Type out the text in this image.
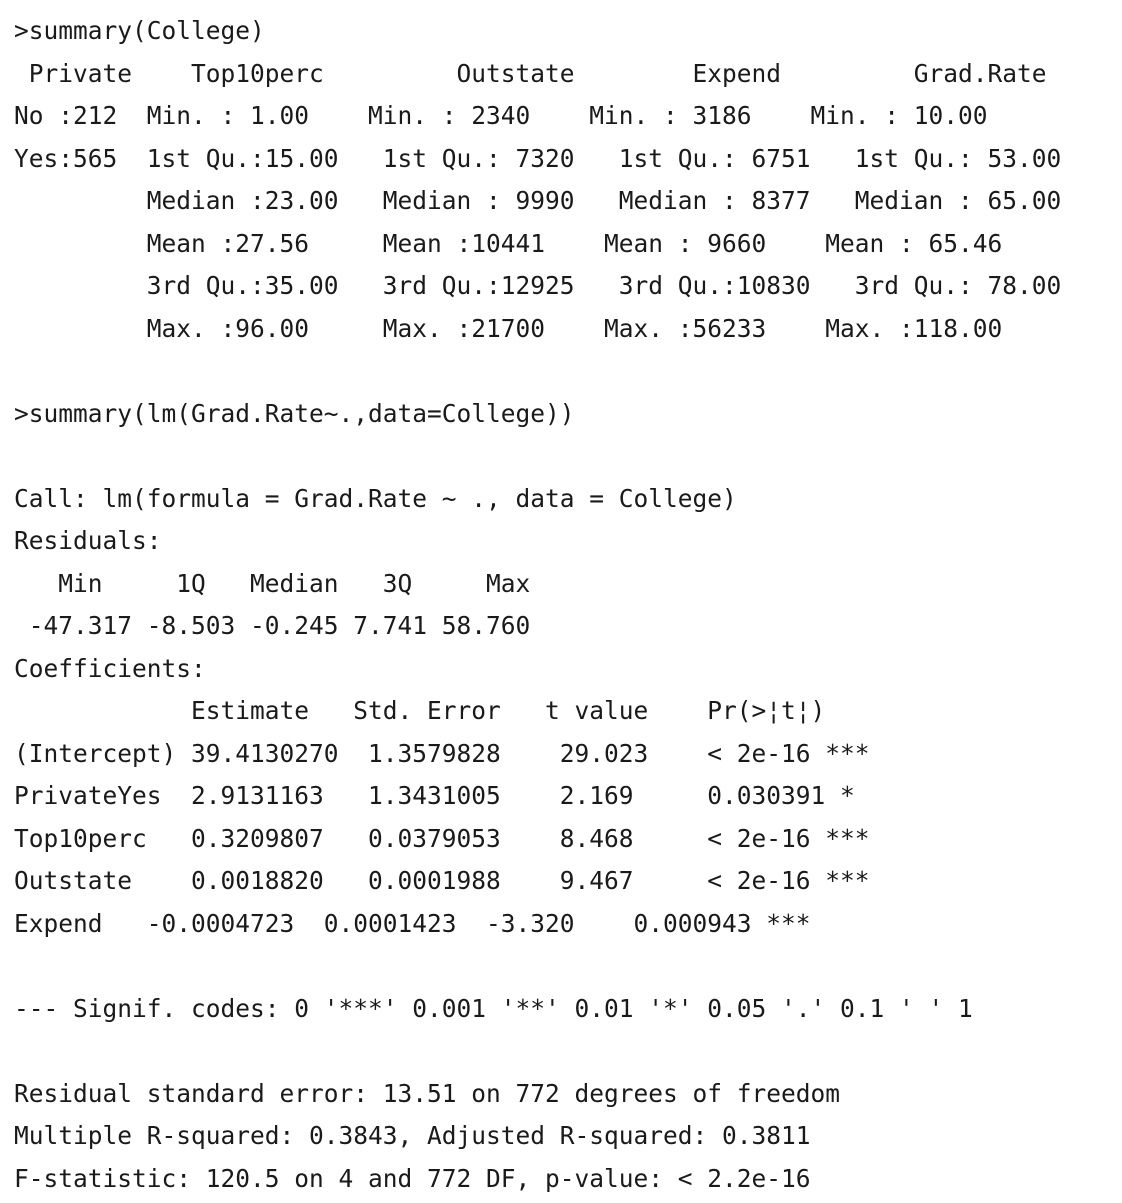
>summary(College)
Private    Top10perc         Outstate        Expend         Grad.Rate
No :212  Min. : 1.00    Min. : 2340    Min. : 3186    Min. : 10.00
Yes:565  1st Qu.:15.00   1st Qu.: 7320   1st Qu.: 6751   1st Qu.: 53.00
Median :23.00   Median : 9990   Median : 8377   Median : 65.00
Mean :27.56     Mean :10441    Mean : 9660    Mean : 65.46
3rd Qu.:35.00   3rd Qu.:12925   3rd Qu.:10830   3rd Qu.: 78.00
Max. :96.00     Max. :21700    Max. :56233    Max. :118.00
>summary(lm(Grad.Rate~.,data=College))
Call: lm(formula = Grad.Rate ~ ., data = College)
Residuals:
Min     1Q   Median   3Q     Max
-47.317 -8.503 -0.245 7.741 58.760
Coefficients:
Estimate   Std. Error   t value    Pr(>¦t¦)
(Intercept) 39.4130270  1.3579828    29.023    < 2e-16 ***
PrivateYes  2.9131163   1.3431005    2.169     0.030391 *
Top10perc   0.3209807   0.0379053    8.468     < 2e-16 ***
Outstate    0.0018820   0.0001988    9.467     < 2e-16 ***
Expend   -0.0004723  0.0001423  -3.320    0.000943 ***
--- Signif. codes: 0 '***' 0.001 '**' 0.01 '*' 0.05 '.' 0.1 ' ' 1
Residual standard error: 13.51 on 772 degrees of freedom
Multiple R-squared: 0.3843, Adjusted R-squared: 0.3811
F-statistic: 120.5 on 4 and 772 DF, p-value: < 2.2e-16
